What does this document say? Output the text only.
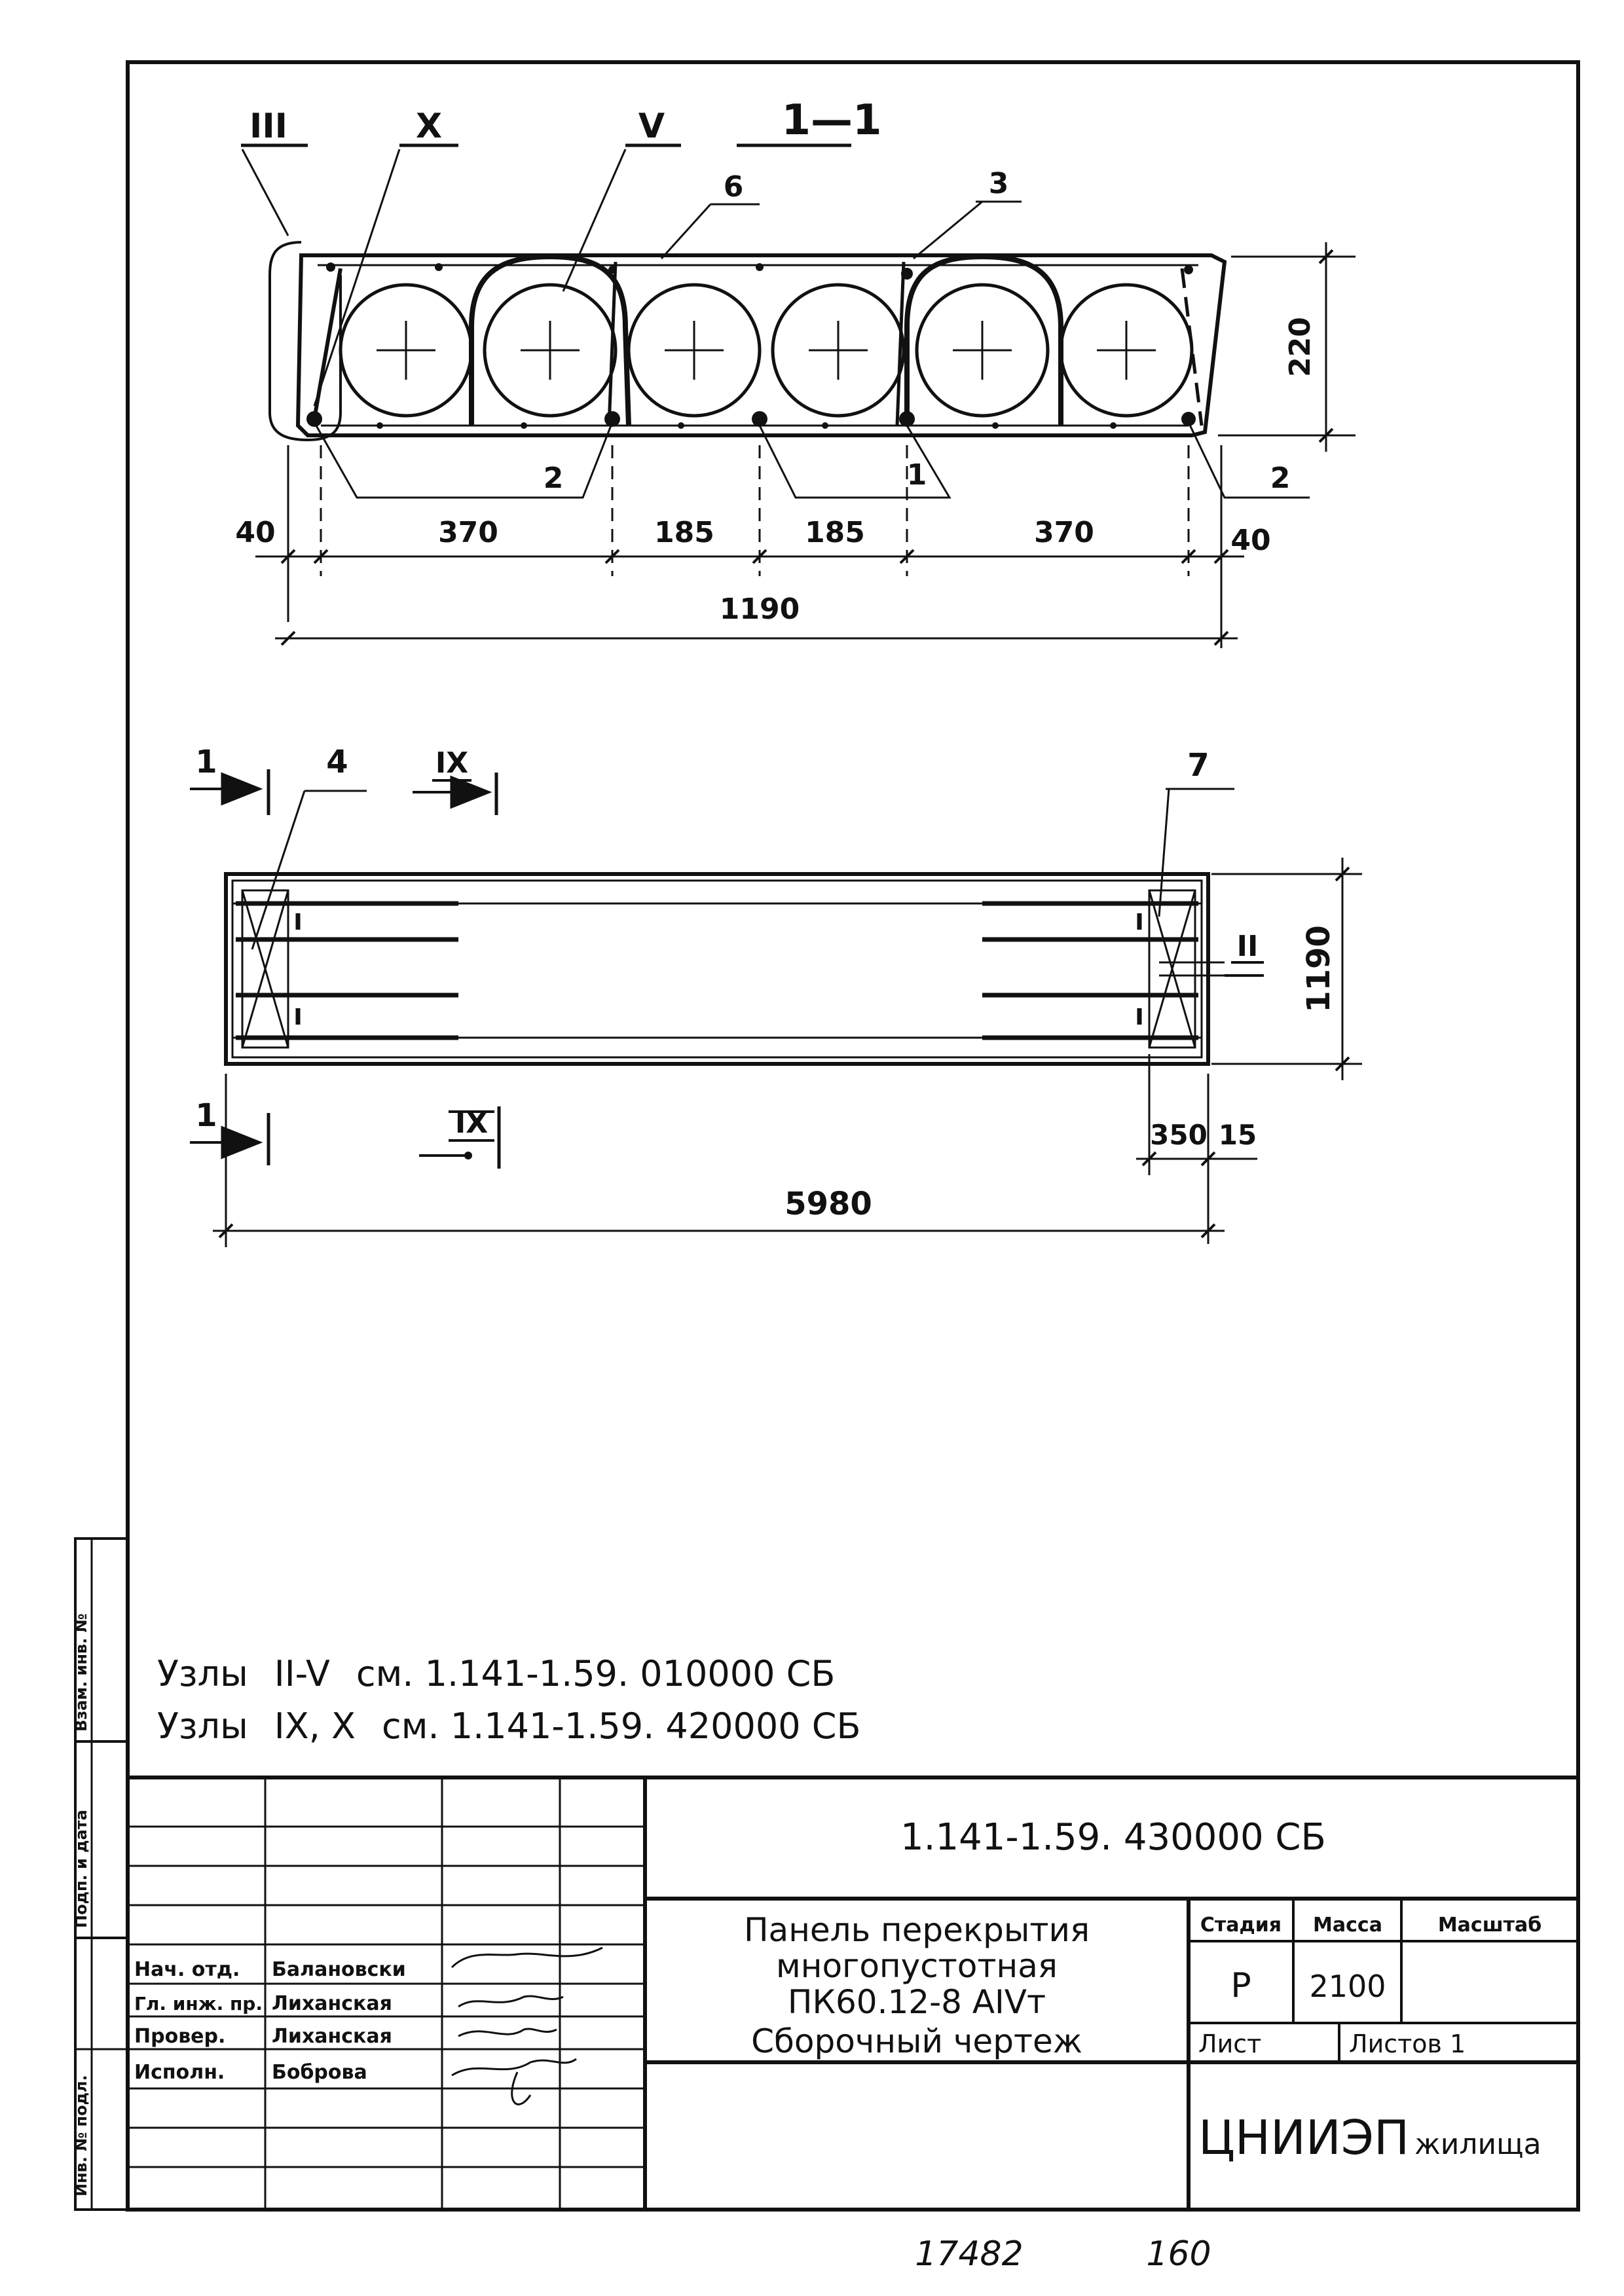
Инв. № подл.
Подп. и дата
Взам. инв. №
1—1
III	X	V
6	3
2	1	2
40	370	185	185	370	40
1190
220
1
1
IX
IX
4	7
II 1190
350 15
5980
Узлы II-V см. 1.141-1.59. 010000 СБ
Узлы IX, X см. 1.141-1.59. 420000 СБ
Нач. отд. Балановски
Гл. инж. пр. Лиханская
Провер. Лиханская
Исполн. Боброва
1.141-1.59. 430000 СБ
Панель перекрытия
многопустотная
ПК60.12-8 АIVт
Сборочный чертеж
Стадия Масса	Масштаб
Р 2100
Лист	Листов 1
ЦНИИЭП жилища
17482	160
